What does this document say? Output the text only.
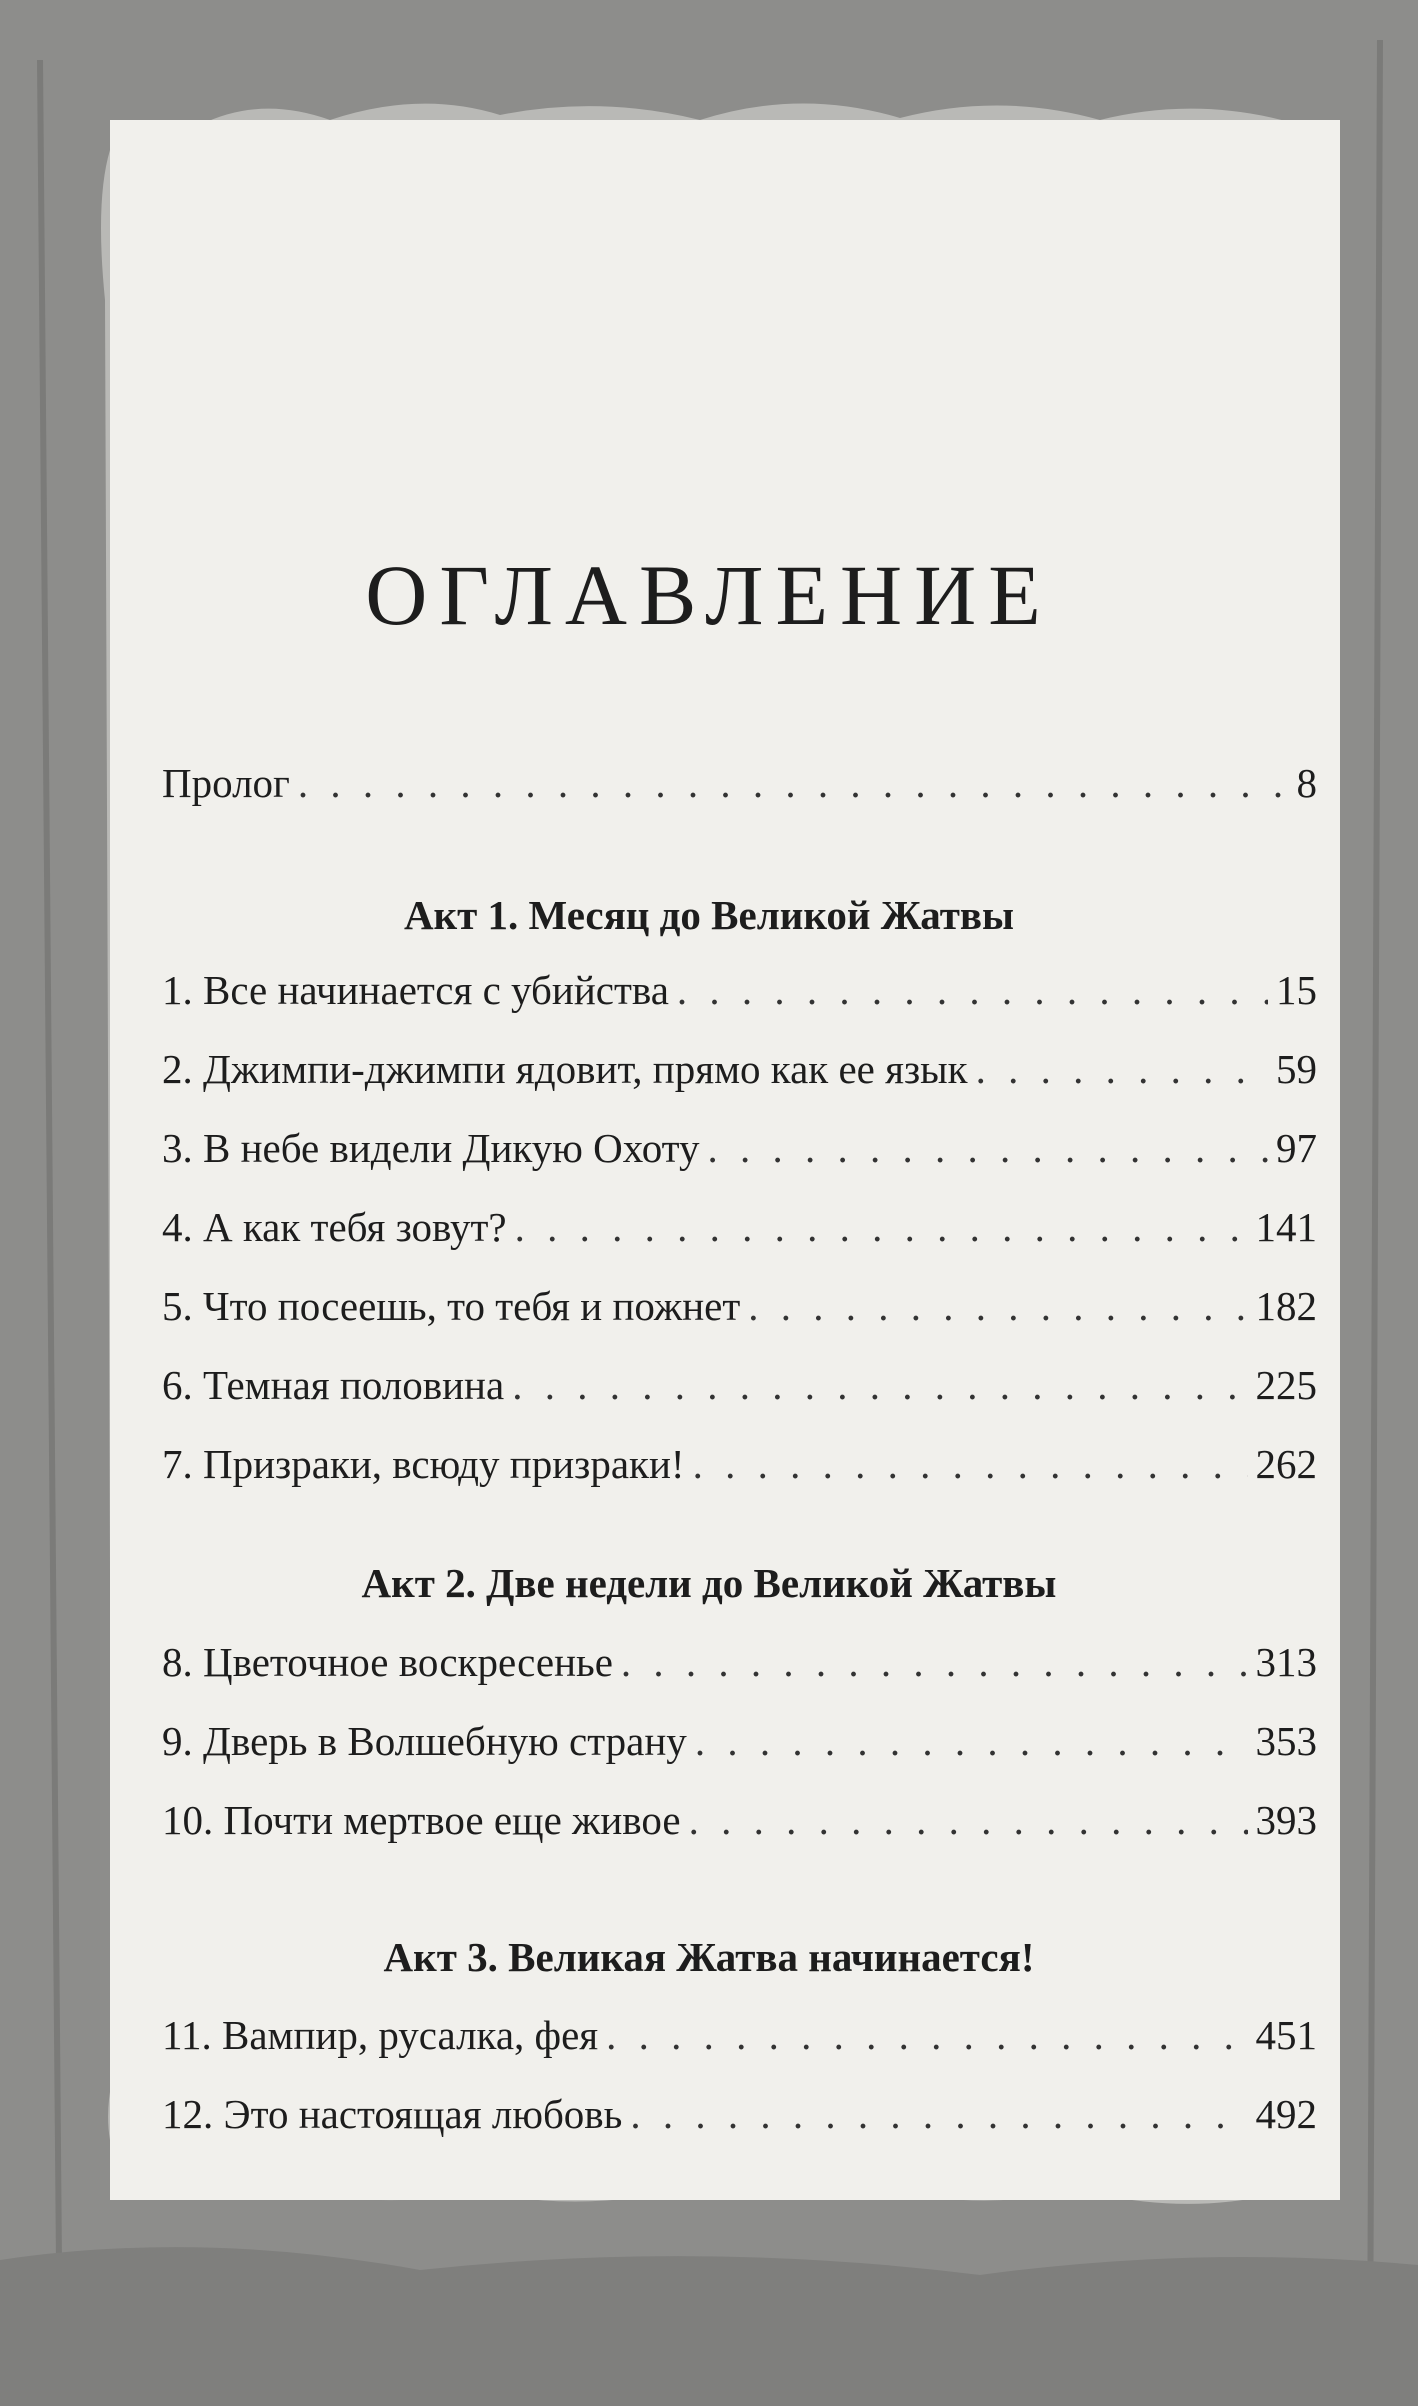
ОГЛАВЛЕНИЕ
Пролог . . .	8
Акт 1. Месяц до Великой Жатвы
1. Все начинается с убийства . . .	15
2. Джимпи-джимпи ядовит, прямо как ее язык . . .	59
3. В небе видели Дикую Охоту . . .	97
4. А как тебя зовут? . . .	141
5. Что посеешь, то тебя и пожнет . . .	182
6. Темная половина . . .	225
7. Призраки, всюду призраки! . . .	262
Акт 2. Две недели до Великой Жатвы
8. Цветочное воскресенье . . .	313
9. Дверь в Волшебную страну . . .	353
10. Почти мертвое еще живое . . .	393
Акт 3. Великая Жатва начинается!
11. Вампир, русалка, фея . . .	451
12. Это настоящая любовь . . .	492
